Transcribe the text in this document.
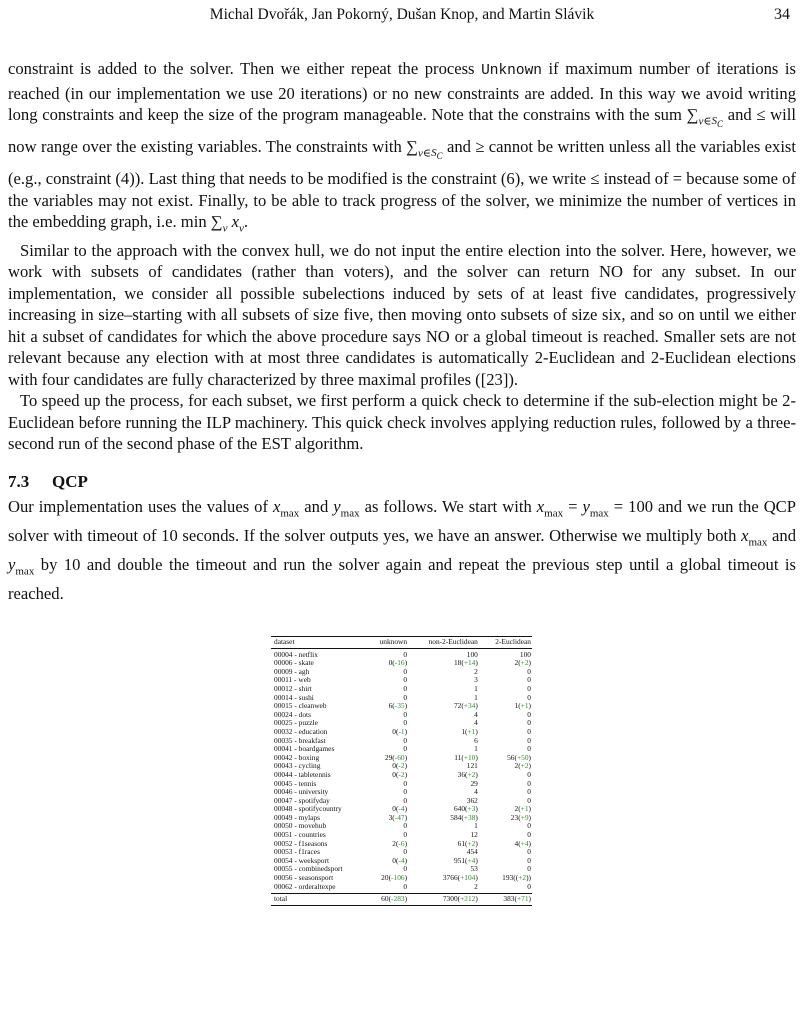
Michal Dvořák, Jan Pokorný, Dušan Knop, and Martin Slávik	34

constraint is added to the solver. Then we either repeat the process Unknown if maximum number of iterations is reached (in our implementation we use 20 iterations) or no new constraints are added. In this way we avoid writing long constraints and keep the size of the program manageable. Note that the constrains with the sum $\sum_{v\in S_C}$ and ≤ will now range over the existing variables. The constraints with $\sum_{v\in S_C}$ and ≥ cannot be written unless all the variables exist (e.g., constraint (4)). Last thing that needs to be modified is the constraint (6), we write ≤ instead of = because some of the variables may not exist. Finally, to be able to track progress of the solver, we minimize the number of vertices in the embedding graph, i.e. $\min \sum_v$ $x_v$.

Similar to the approach with the convex hull, we do not input the entire election into the solver. Here, however, we work with subsets of candidates (rather than voters), and the solver can return NO for any subset. In our implementation, we consider all possible subelections induced by sets of at least five candidates, progressively increasing in size–starting with all subsets of size five, then moving onto subsets of size six, and so on until we either hit a subset of candidates for which the above procedure says NO or a global timeout is reached. Smaller sets are not relevant because any election with at most three candidates is automatically 2-Euclidean and 2-Euclidean elections with four candidates are fully characterized by three maximal profiles ([23]).

To speed up the process, for each subset, we first perform a quick check to determine if the sub-election might be 2-Euclidean before running the ILP machinery. This quick check involves applying reduction rules, followed by a three-second run of the second phase of the EST algorithm.

7.3 QCP

Our implementation uses the values of $x_{max}$ and $y_{max}$ as follows. We start with $x_{max} = y_{max} = 100$ and we run the QCP solver with timeout of 10 seconds. If the solver outputs yes, we have an answer. Otherwise we multiply both $x_{max}$ and $y_{max}$ by 10 and double the timeout and run the solver again and repeat the previous step until a global timeout is reached.

dataset	unknown	non-2-Euclidean	2-Euclidean
00004 - netflix	0	100	100
00006 - skate	0(-16)	18(+14)	2(+2)
00009 - agh	0	2	0
00011 - web	0	3	0
00012 - shirt	0	1	0
00014 - sushi	0	1	0
00015 - cleanweb	6(-35)	72(+34)	1(+1)
00024 - dots	0	4	0
00025 - puzzle	0	4	0
00032 - education	0(-1)	1(+1)	0
00035 - breakfast	0	6	0
00041 - boardgames	0	1	0
00042 - boxing	29(-60)	11(+10)	56(+50)
00043 - cycling	0(-2)	121	2(+2)
00044 - tabletennis	0(-2)	36(+2)	0
00045 - tennis	0	29	0
00046 - university	0	4	0
00047 - spotifyday	0	362	0
00048 - spotifycountry	0(-4)	640(+3)	2(+1)
00049 - mylaps	3(-47)	584(+38)	23(+9)
00050 - movehub	0	1	0
00051 - countries	0	12	0
00052 - f1seasons	2(-6)	61(+2)	4(+4)
00053 - f1races	0	454	0
00054 - weeksport	0(-4)	951(+4)	0
00055 - combinedsport	0	53	0
00056 - seasonsport	20(-106)	3766(+104)	193((+2))
00062 - orderaltexpe	0	2	0
total	60(-283)	7300(+212)	383(+71)
